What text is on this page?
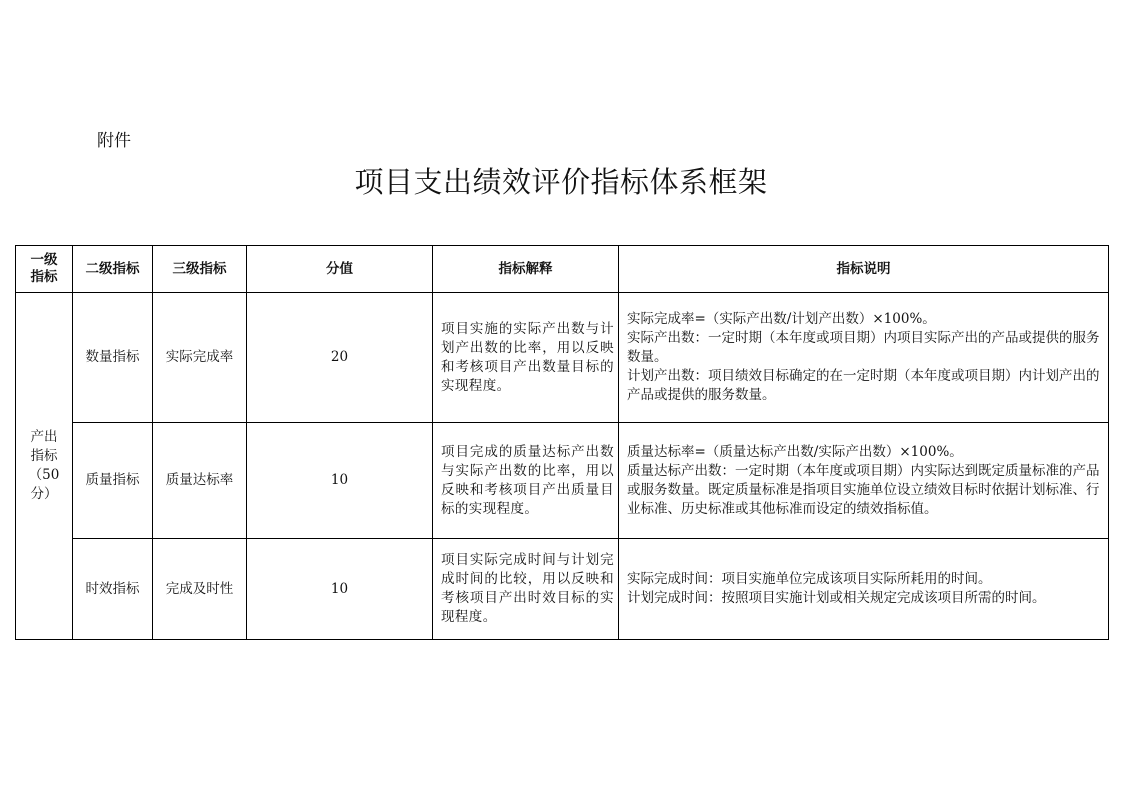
附件
项目支出绩效评价指标体系框架
一级指标	二级指标	三级指标	分值	指标解释	指标说明

产出指标（50分）	数量指标	实际完成率	20	项目实施的实际产出数与计划产出数的比率，用以反映和考核项目产出数量目标的实现程度。	实际完成率=（实际产出数/计划产出数）×100%。
实际产出数：一定时期（本年度或项目期）内项目实际产出的产品或提供的服务数量。
计划产出数：项目绩效目标确定的在一定时期（本年度或项目期）内计划产出的产品或提供的服务数量。

	质量指标	质量达标率	10	项目完成的质量达标产出数与实际产出数的比率，用以反映和考核项目产出质量目标的实现程度。	质量达标率=（质量达标产出数/实际产出数）×100%。
质量达标产出数：一定时期（本年度或项目期）内实际达到既定质量标准的产品或服务数量。既定质量标准是指项目实施单位设立绩效目标时依据计划标准、行业标准、历史标准或其他标准而设定的绩效指标值。

	时效指标	完成及时性	10	项目实际完成时间与计划完成时间的比较，用以反映和考核项目产出时效目标的实现程度。	实际完成时间：项目实施单位完成该项目实际所耗用的时间。
计划完成时间：按照项目实施计划或相关规定完成该项目所需的时间。
